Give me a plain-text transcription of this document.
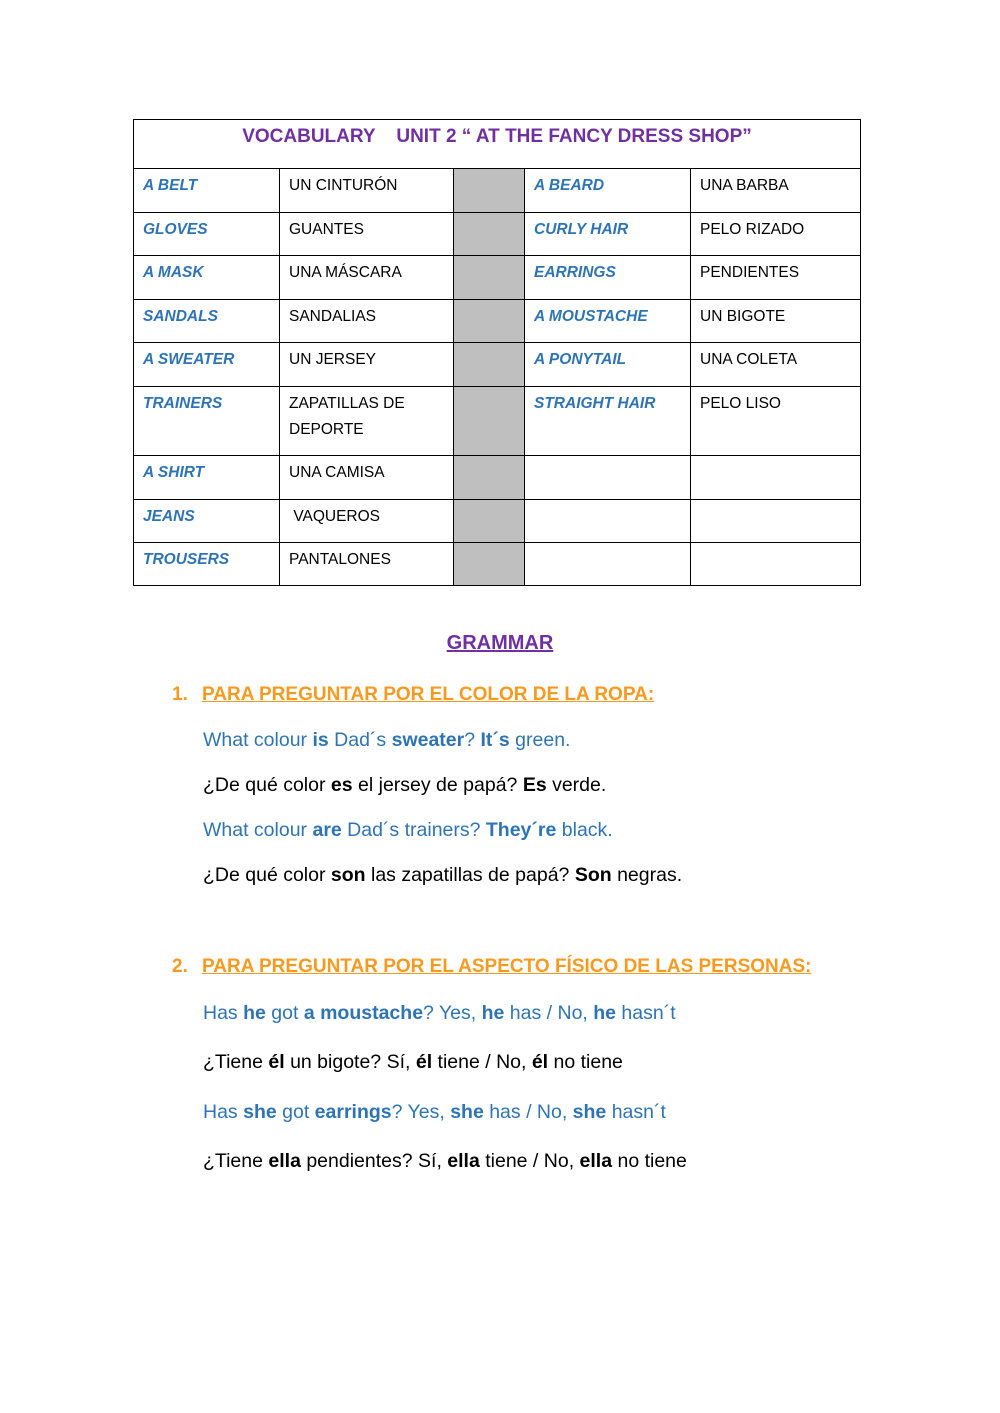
VOCABULARY    UNIT 2 “ AT THE FANCY DRESS SHOP”				
A BELT	UN CINTURÓN		A BEARD	UNA BARBA
GLOVES	GUANTES		CURLY HAIR	PELO RIZADO
A MASK	UNA MÁSCARA		EARRINGS	PENDIENTES
SANDALS	SANDALIAS		A MOUSTACHE	UN BIGOTE
A SWEATER	UN JERSEY		A PONYTAIL	UNA COLETA
TRAINERS	ZAPATILLAS DE DEPORTE		STRAIGHT HAIR	PELO LISO
A SHIRT	UNA CAMISA			
JEANS	VAQUEROS			
TROUSERS	PANTALONES			
GRAMMAR
1. PARA PREGUNTAR POR EL COLOR DE LA ROPA:
What colour is Dad´s sweater? It´s green.
¿De qué color es el jersey de papá? Es verde.
What colour are Dad´s trainers? They´re black.
¿De qué color son las zapatillas de papá? Son negras.
2. PARA PREGUNTAR POR EL ASPECTO FÍSICO DE LAS PERSONAS:
Has he got a moustache? Yes, he has / No, he hasn´t
¿Tiene él un bigote? Sí, él tiene / No, él no tiene
Has she got earrings? Yes, she has / No, she hasn´t
¿Tiene ella pendientes? Sí, ella tiene / No, ella no tiene
